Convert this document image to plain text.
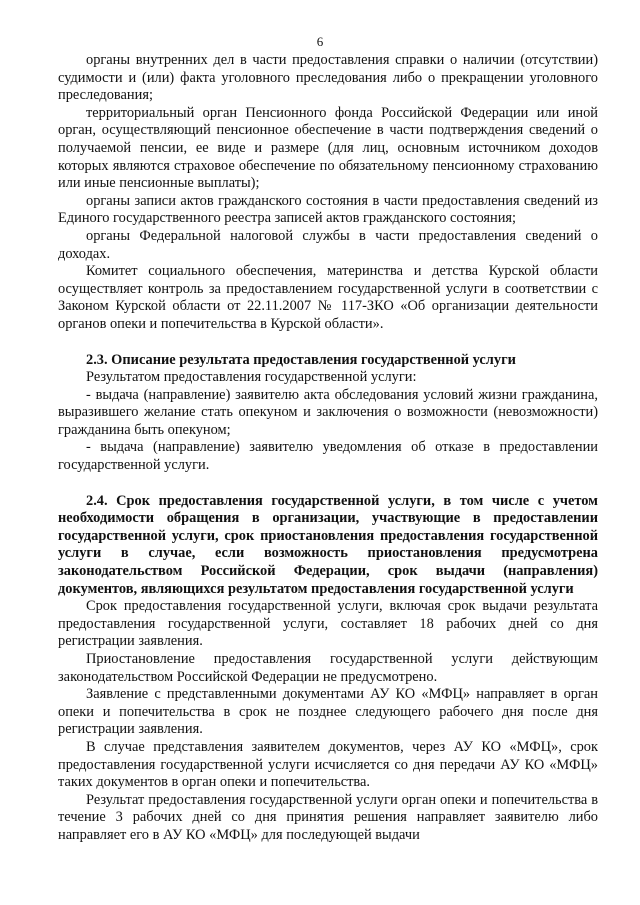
6

органы внутренних дел в части предоставления справки о наличии (отсутствии) судимости и (или) факта уголовного преследования либо о прекращении уголовного преследования;

территориальный орган Пенсионного фонда Российской Федерации или иной орган, осуществляющий пенсионное обеспечение в части подтверждения сведений о получаемой пенсии, ее виде и размере (для лиц, основным источником доходов которых являются страховое обеспечение по обязательному пенсионному страхованию или иные пенсионные выплаты);

органы записи актов гражданского состояния в части предоставления сведений из Единого государственного реестра записей актов гражданского состояния;

органы Федеральной налоговой службы в части предоставления сведений о доходах.

Комитет социального обеспечения, материнства и детства Курской области осуществляет контроль за предоставлением государственной услуги в соответствии с Законом Курской области от 22.11.2007 № 117-ЗКО «Об организации деятельности органов опеки и попечительства в Курской области».

2.3. Описание результата предоставления государственной услуги

Результатом предоставления государственной услуги:

- выдача (направление) заявителю акта обследования условий жизни гражданина, выразившего желание стать опекуном и заключения о возможности (невозможности) гражданина быть опекуном;

- выдача (направление) заявителю уведомления об отказе в предоставлении государственной услуги.

2.4. Срок предоставления государственной услуги, в том числе с учетом необходимости обращения в организации, участвующие в предоставлении государственной услуги, срок приостановления предоставления государственной услуги в случае, если возможность приостановления предусмотрена законодательством Российской Федерации, срок выдачи (направления) документов, являющихся результатом предоставления государственной услуги

Срок предоставления государственной услуги, включая срок выдачи результата предоставления государственной услуги, составляет 18 рабочих дней со дня регистрации заявления.

Приостановление предоставления государственной услуги действующим законодательством Российской Федерации не предусмотрено.

Заявление с представленными документами АУ КО «МФЦ» направляет в орган опеки и попечительства в срок не позднее следующего рабочего дня после дня регистрации заявления.

В случае представления заявителем документов, через АУ КО «МФЦ», срок предоставления государственной услуги исчисляется со дня передачи АУ КО «МФЦ» таких документов в орган опеки и попечительства.

Результат предоставления государственной услуги орган опеки и попечительства в течение 3 рабочих дней со дня принятия решения направляет заявителю либо направляет его в АУ КО «МФЦ» для последующей выдачи
